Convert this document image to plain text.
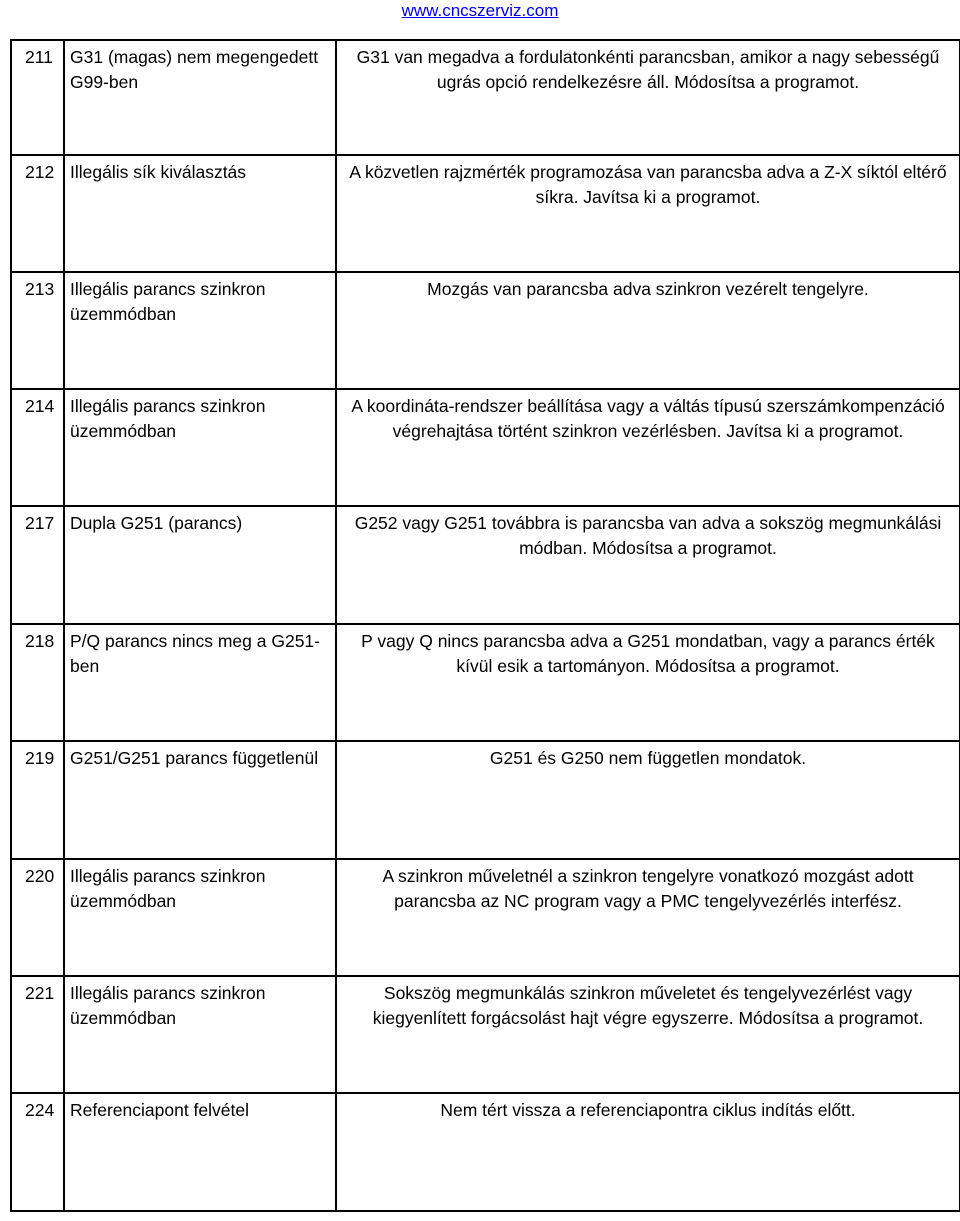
www.cncszerviz.com
211	G31 (magas) nem megengedett G99-ben	G31 van megadva a fordulatonkénti parancsban, amikor a nagy sebességű ugrás opció rendelkezésre áll. Módosítsa a programot.
212	Illegális sík kiválasztás	A közvetlen rajzmérték programozása van parancsba adva a Z-X síktól eltérő síkra. Javítsa ki a programot.
213	Illegális parancs szinkron üzemmódban	Mozgás van parancsba adva szinkron vezérelt tengelyre.
214	Illegális parancs szinkron üzemmódban	A koordináta-rendszer beállítása vagy a váltás típusú szerszámkompenzáció végrehajtása történt szinkron vezérlésben. Javítsa ki a programot.
217	Dupla G251 (parancs)	G252 vagy G251 továbbra is parancsba van adva a sokszög megmunkálási módban. Módosítsa a programot.
218	P/Q parancs nincs meg a G251-ben	P vagy Q nincs parancsba adva a G251 mondatban, vagy a parancs érték kívül esik a tartományon. Módosítsa a programot.
219	G251/G251 parancs függetlenül	G251 és G250 nem független mondatok.
220	Illegális parancs szinkron üzemmódban	A szinkron műveletnél a szinkron tengelyre vonatkozó mozgást adott parancsba az NC program vagy a PMC tengelyvezérlés interfész.
221	Illegális parancs szinkron üzemmódban	Sokszög megmunkálás szinkron műveletet és tengelyvezérlést vagy kiegyenlített forgácsolást hajt végre egyszerre. Módosítsa a programot.
224	Referenciapont felvétel	Nem tért vissza a referenciapontra ciklus indítás előtt.
